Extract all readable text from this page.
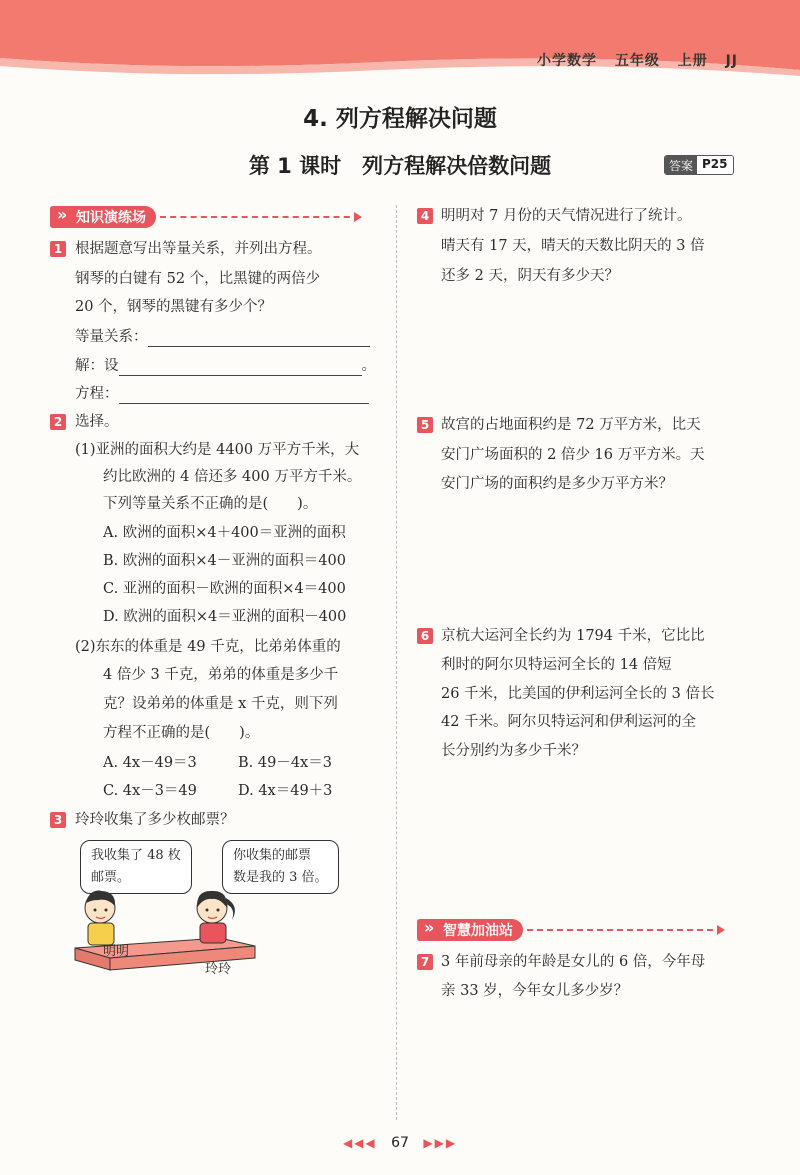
小学数学 五年级 上册 JJ
4. 列方程解决问题
第 1 课时　列方程解决倍数问题	答案 P25
» 知识演练场
1 根据题意写出等量关系，并列出方程。
钢琴的白键有 52 个，比黑键的两倍少
20 个，钢琴的黑键有多少个？
等量关系：
解：设	。
方程：
2 选择。
(1)亚洲的面积大约是 4400 万平方千米，大
约比欧洲的 4 倍还多 400 万平方千米。
下列等量关系不正确的是(　　)。
A. 欧洲的面积×4＋400＝亚洲的面积
B. 欧洲的面积×4－亚洲的面积＝400
C. 亚洲的面积－欧洲的面积×4＝400
D. 欧洲的面积×4＝亚洲的面积－400
(2)东东的体重是 49 千克，比弟弟体重的
4 倍少 3 千克，弟弟的体重是多少千
克？设弟弟的体重是 x 千克，则下列
方程不正确的是(　　)。
A. 4x－49＝3	B. 49－4x＝3
C. 4x－3＝49	D. 4x＝49＋3
3 玲玲收集了多少枚邮票？
我收集了 48 枚
邮票。
你收集的邮票
数是我的 3 倍。
明明
玲玲
4 明明对 7 月份的天气情况进行了统计。
晴天有 17 天，晴天的天数比阴天的 3 倍
还多 2 天，阴天有多少天？
5 故宫的占地面积约是 72 万平方米，比天
安门广场面积的 2 倍少 16 万平方米。天
安门广场的面积约是多少万平方米？
6 京杭大运河全长约为 1794 千米，它比比
利时的阿尔贝特运河全长的 14 倍短
26 千米，比美国的伊利运河全长的 3 倍长
42 千米。阿尔贝特运河和伊利运河的全
长分别约为多少千米？
» 智慧加油站
7 3 年前母亲的年龄是女儿的 6 倍，今年母
亲 33 岁，今年女儿多少岁？
◀◀◀ 67 ▶▶▶
